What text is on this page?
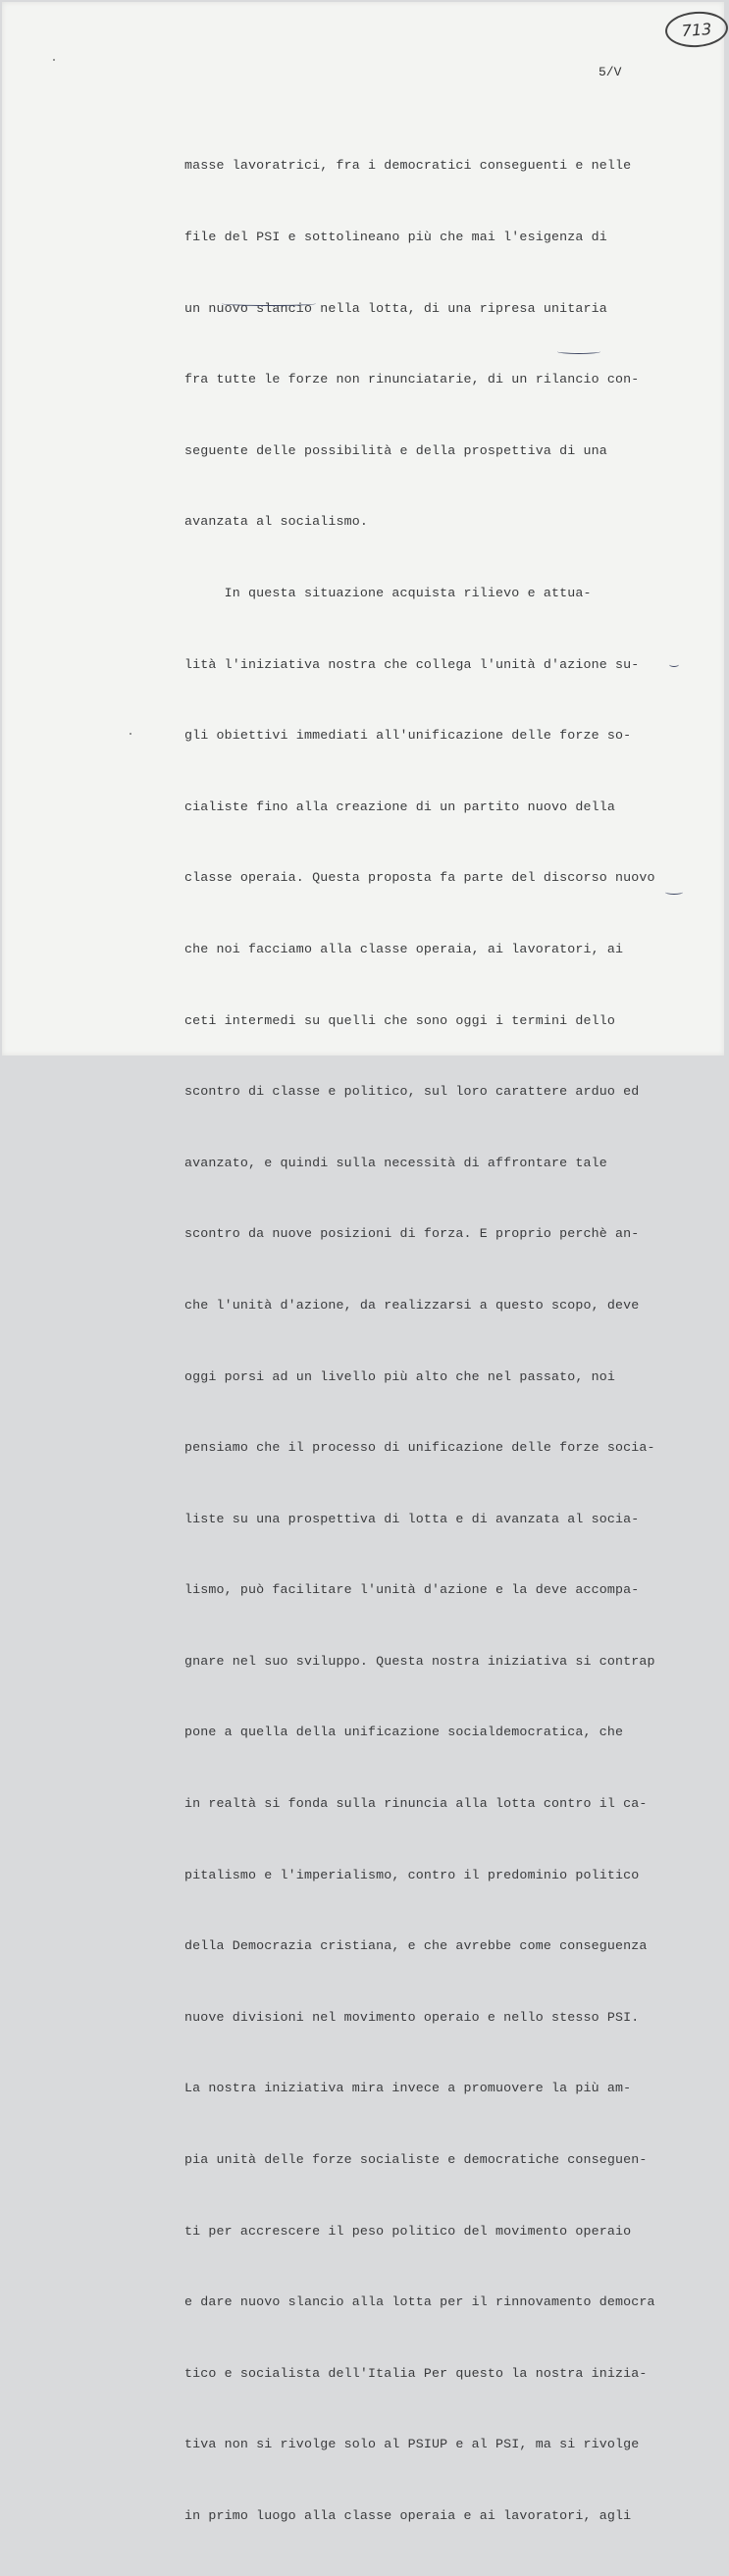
713
5/V

masse lavoratrici, fra i democratici conseguenti e nelle

file del PSI e sottolineano più che mai l'esigenza di

un nuovo slancio nella lotta, di una ripresa unitaria

fra tutte le forze non rinunciatarie, di un rilancio con-

seguente delle possibilità e della prospettiva di una

avanzata al socialismo.

In questa situazione acquista rilievo e attua-

lità l'iniziativa nostra che collega l'unità d'azione su-

gli obiettivi immediati all'unificazione delle forze so-

cialiste fino alla creazione di un partito nuovo della

classe operaia. Questa proposta fa parte del discorso nuovo

che noi facciamo alla classe operaia, ai lavoratori, ai

ceti intermedi su quelli che sono oggi i termini dello

scontro di classe e politico, sul loro carattere arduo ed

avanzato, e quindi sulla necessità di affrontare tale

scontro da nuove posizioni di forza. E proprio perchè an-

che l'unità d'azione, da realizzarsi a questo scopo, deve

oggi porsi ad un livello più alto che nel passato, noi

pensiamo che il processo di unificazione delle forze socia-

liste su una prospettiva di lotta e di avanzata al socia-

lismo, può facilitare l'unità d'azione e la deve accompa-

gnare nel suo sviluppo. Questa nostra iniziativa si contrap

pone a quella della unificazione socialdemocratica, che

in realtà si fonda sulla rinuncia alla lotta contro il ca-

pitalismo e l'imperialismo, contro il predominio politico

della Democrazia cristiana, e che avrebbe come conseguenza

nuove divisioni nel movimento operaio e nello stesso PSI.

La nostra iniziativa mira invece a promuovere la più am-

pia unità delle forze socialiste e democratiche conseguen-

ti per accrescere il peso politico del movimento operaio

e dare nuovo slancio alla lotta per il rinnovamento democra

tico e socialista dell'Italia Per questo la nostra inizia-

tiva non si rivolge solo al PSIUP e al PSI, ma si rivolge

in primo luogo alla classe operaia e ai lavoratori, agli
